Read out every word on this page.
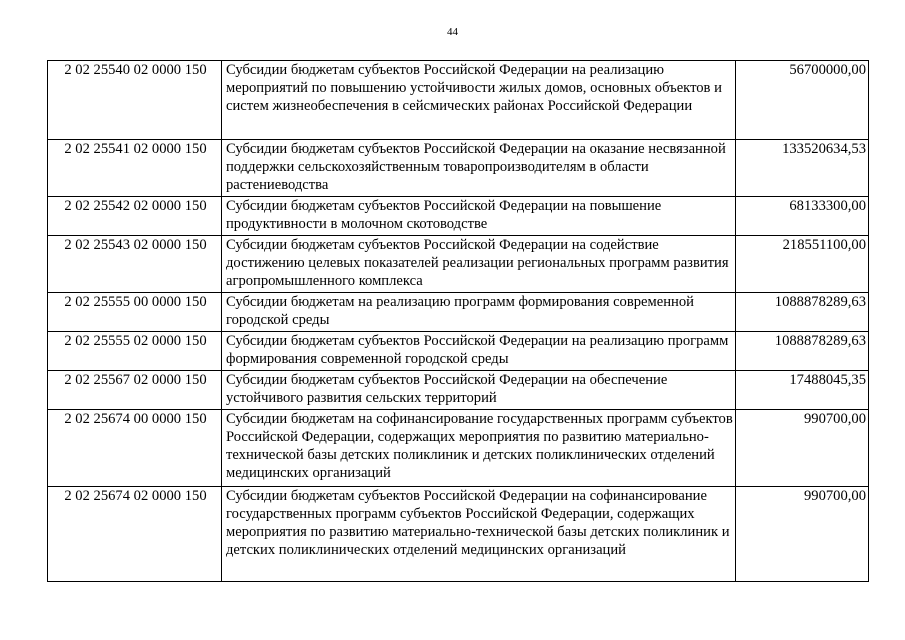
44
2 02 25540 02 0000 150	Субсидии бюджетам субъектов Российской Федерации на реализацию мероприятий по повышению устойчивости жилых домов, основных объектов и систем жизнеобеспечения в сейсмических районах Российской Федерации	56700000,00
2 02 25541 02 0000 150	Субсидии бюджетам субъектов Российской Федерации на оказание несвязанной поддержки сельскохозяйственным товаропроизводителям в области растениеводства	133520634,53
2 02 25542 02 0000 150	Субсидии бюджетам субъектов Российской Федерации на повышение продуктивности в молочном скотоводстве	68133300,00
2 02 25543 02 0000 150	Субсидии бюджетам субъектов Российской Федерации на содействие достижению целевых показателей реализации региональных программ развития агропромышленного комплекса	218551100,00
2 02 25555 00 0000 150	Субсидии бюджетам на реализацию программ формирования современной городской среды	1088878289,63
2 02 25555 02 0000 150	Субсидии бюджетам субъектов Российской Федерации на реализацию программ формирования современной городской среды	1088878289,63
2 02 25567 02 0000 150	Субсидии бюджетам субъектов Российской Федерации на обеспечение устойчивого развития сельских территорий	17488045,35
2 02 25674 00 0000 150	Субсидии бюджетам на софинансирование государственных программ субъектов Российской Федерации, содержащих мероприятия по развитию материально-технической базы детских поликлиник и детских поликлинических отделений медицинских организаций	990700,00
2 02 25674 02 0000 150	Субсидии бюджетам субъектов Российской Федерации на софинансирование государственных программ субъектов Российской Федерации, содержащих мероприятия по развитию материально-технической базы детских поликлиник и детских поликлинических отделений медицинских организаций	990700,00
